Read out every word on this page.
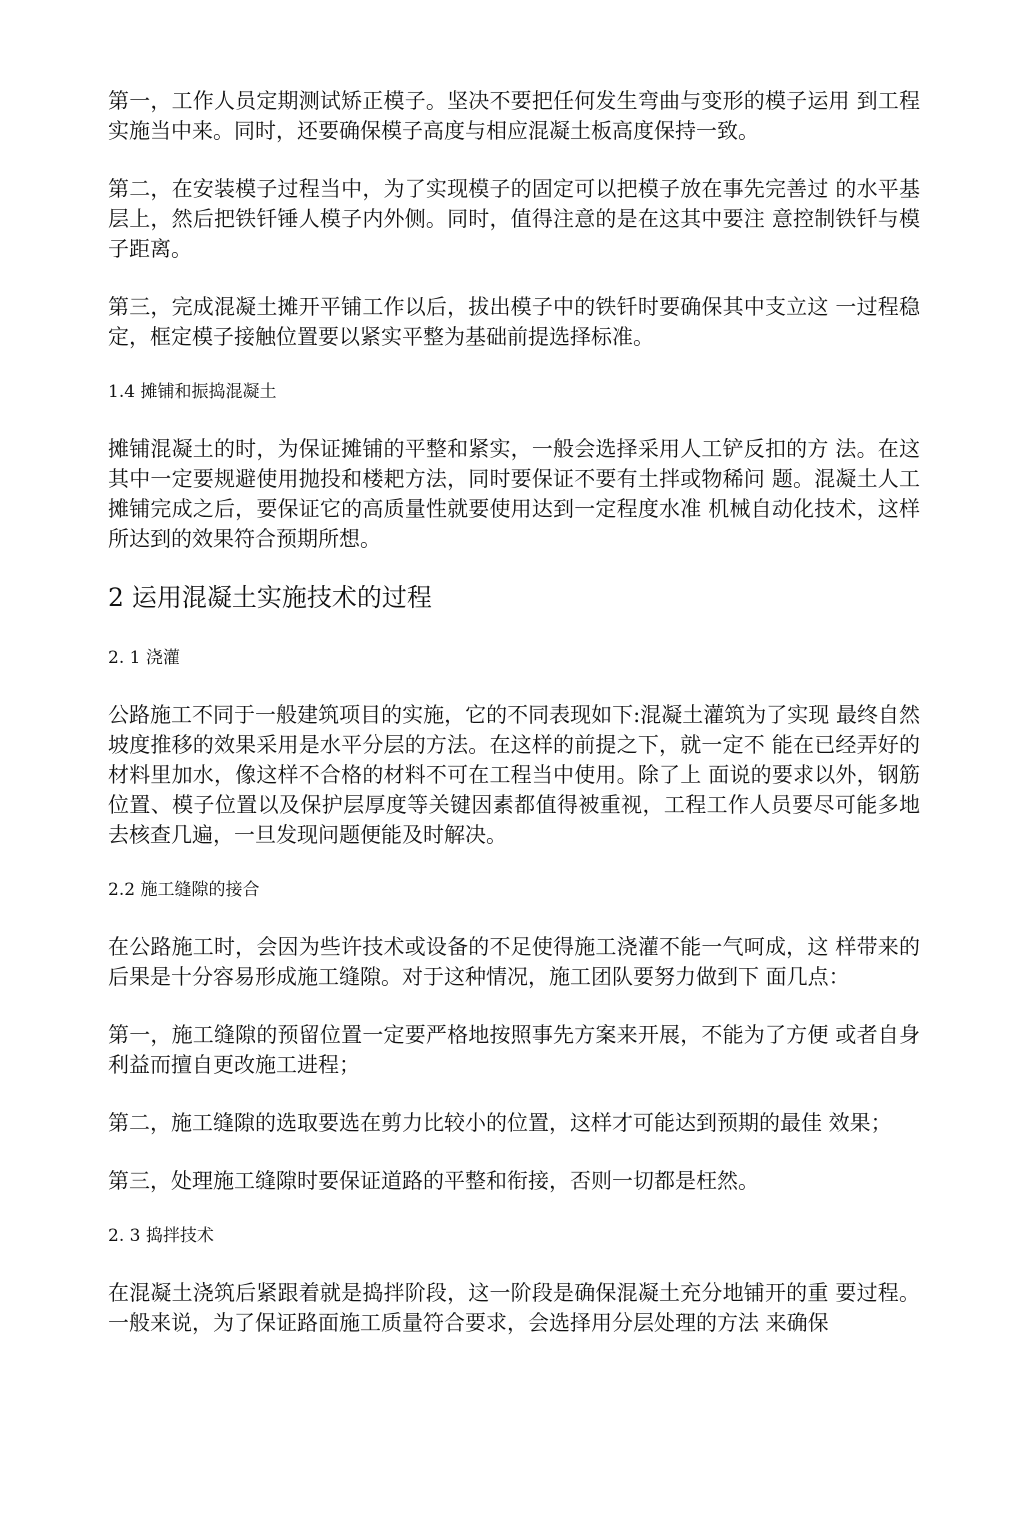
第一，工作人员定期测试矫正模子。坚决不要把任何发生弯曲与变形的模子运用 到工程实施当中来。同时，还要确保模子高度与相应混凝土板高度保持一致。

第二，在安装模子过程当中，为了实现模子的固定可以把模子放在事先完善过 的水平基层上，然后把铁钎锤人模子内外侧。同时，值得注意的是在这其中要注 意控制铁钎与模子距离。

第三，完成混凝土摊开平铺工作以后，拔出模子中的铁钎时要确保其中支立这 一过程稳定，框定模子接触位置要以紧实平整为基础前提选择标准。

1.4 摊铺和振捣混凝土

摊铺混凝土的时，为保证摊铺的平整和紧实，一般会选择采用人工铲反扣的方 法。在这其中一定要规避使用抛投和楼耙方法，同时要保证不要有土拌或物稀问 题。混凝土人工摊铺完成之后，要保证它的高质量性就要使用达到一定程度水准 机械自动化技术，这样所达到的效果符合预期所想。

2 运用混凝土实施技术的过程
2. 1 浇灌

公路施工不同于一般建筑项目的实施，它的不同表现如下:混凝土灌筑为了实现 最终自然坡度推移的效果采用是水平分层的方法。在这样的前提之下，就一定不 能在已经弄好的材料里加水，像这样不合格的材料不可在工程当中使用。除了上 面说的要求以外，钢筋位置、模子位置以及保护层厚度等关键因素都值得被重视，工程工作人员要尽可能多地去核查几遍，一旦发现问题便能及时解决。

2.2 施工缝隙的接合

在公路施工时，会因为些许技术或设备的不足使得施工浇灌不能一气呵成，这 样带来的后果是十分容易形成施工缝隙。对于这种情况，施工团队要努力做到下 面几点：

第一，施工缝隙的预留位置一定要严格地按照事先方案来开展，不能为了方便 或者自身利益而擅自更改施工进程；

第二，施工缝隙的选取要选在剪力比较小的位置，这样才可能达到预期的最佳 效果；

第三，处理施工缝隙时要保证道路的平整和衔接，否则一切都是枉然。

2. 3 捣拌技术

在混凝土浇筑后紧跟着就是捣拌阶段，这一阶段是确保混凝土充分地铺开的重 要过程。一般来说，为了保证路面施工质量符合要求，会选择用分层处理的方法 来确保
